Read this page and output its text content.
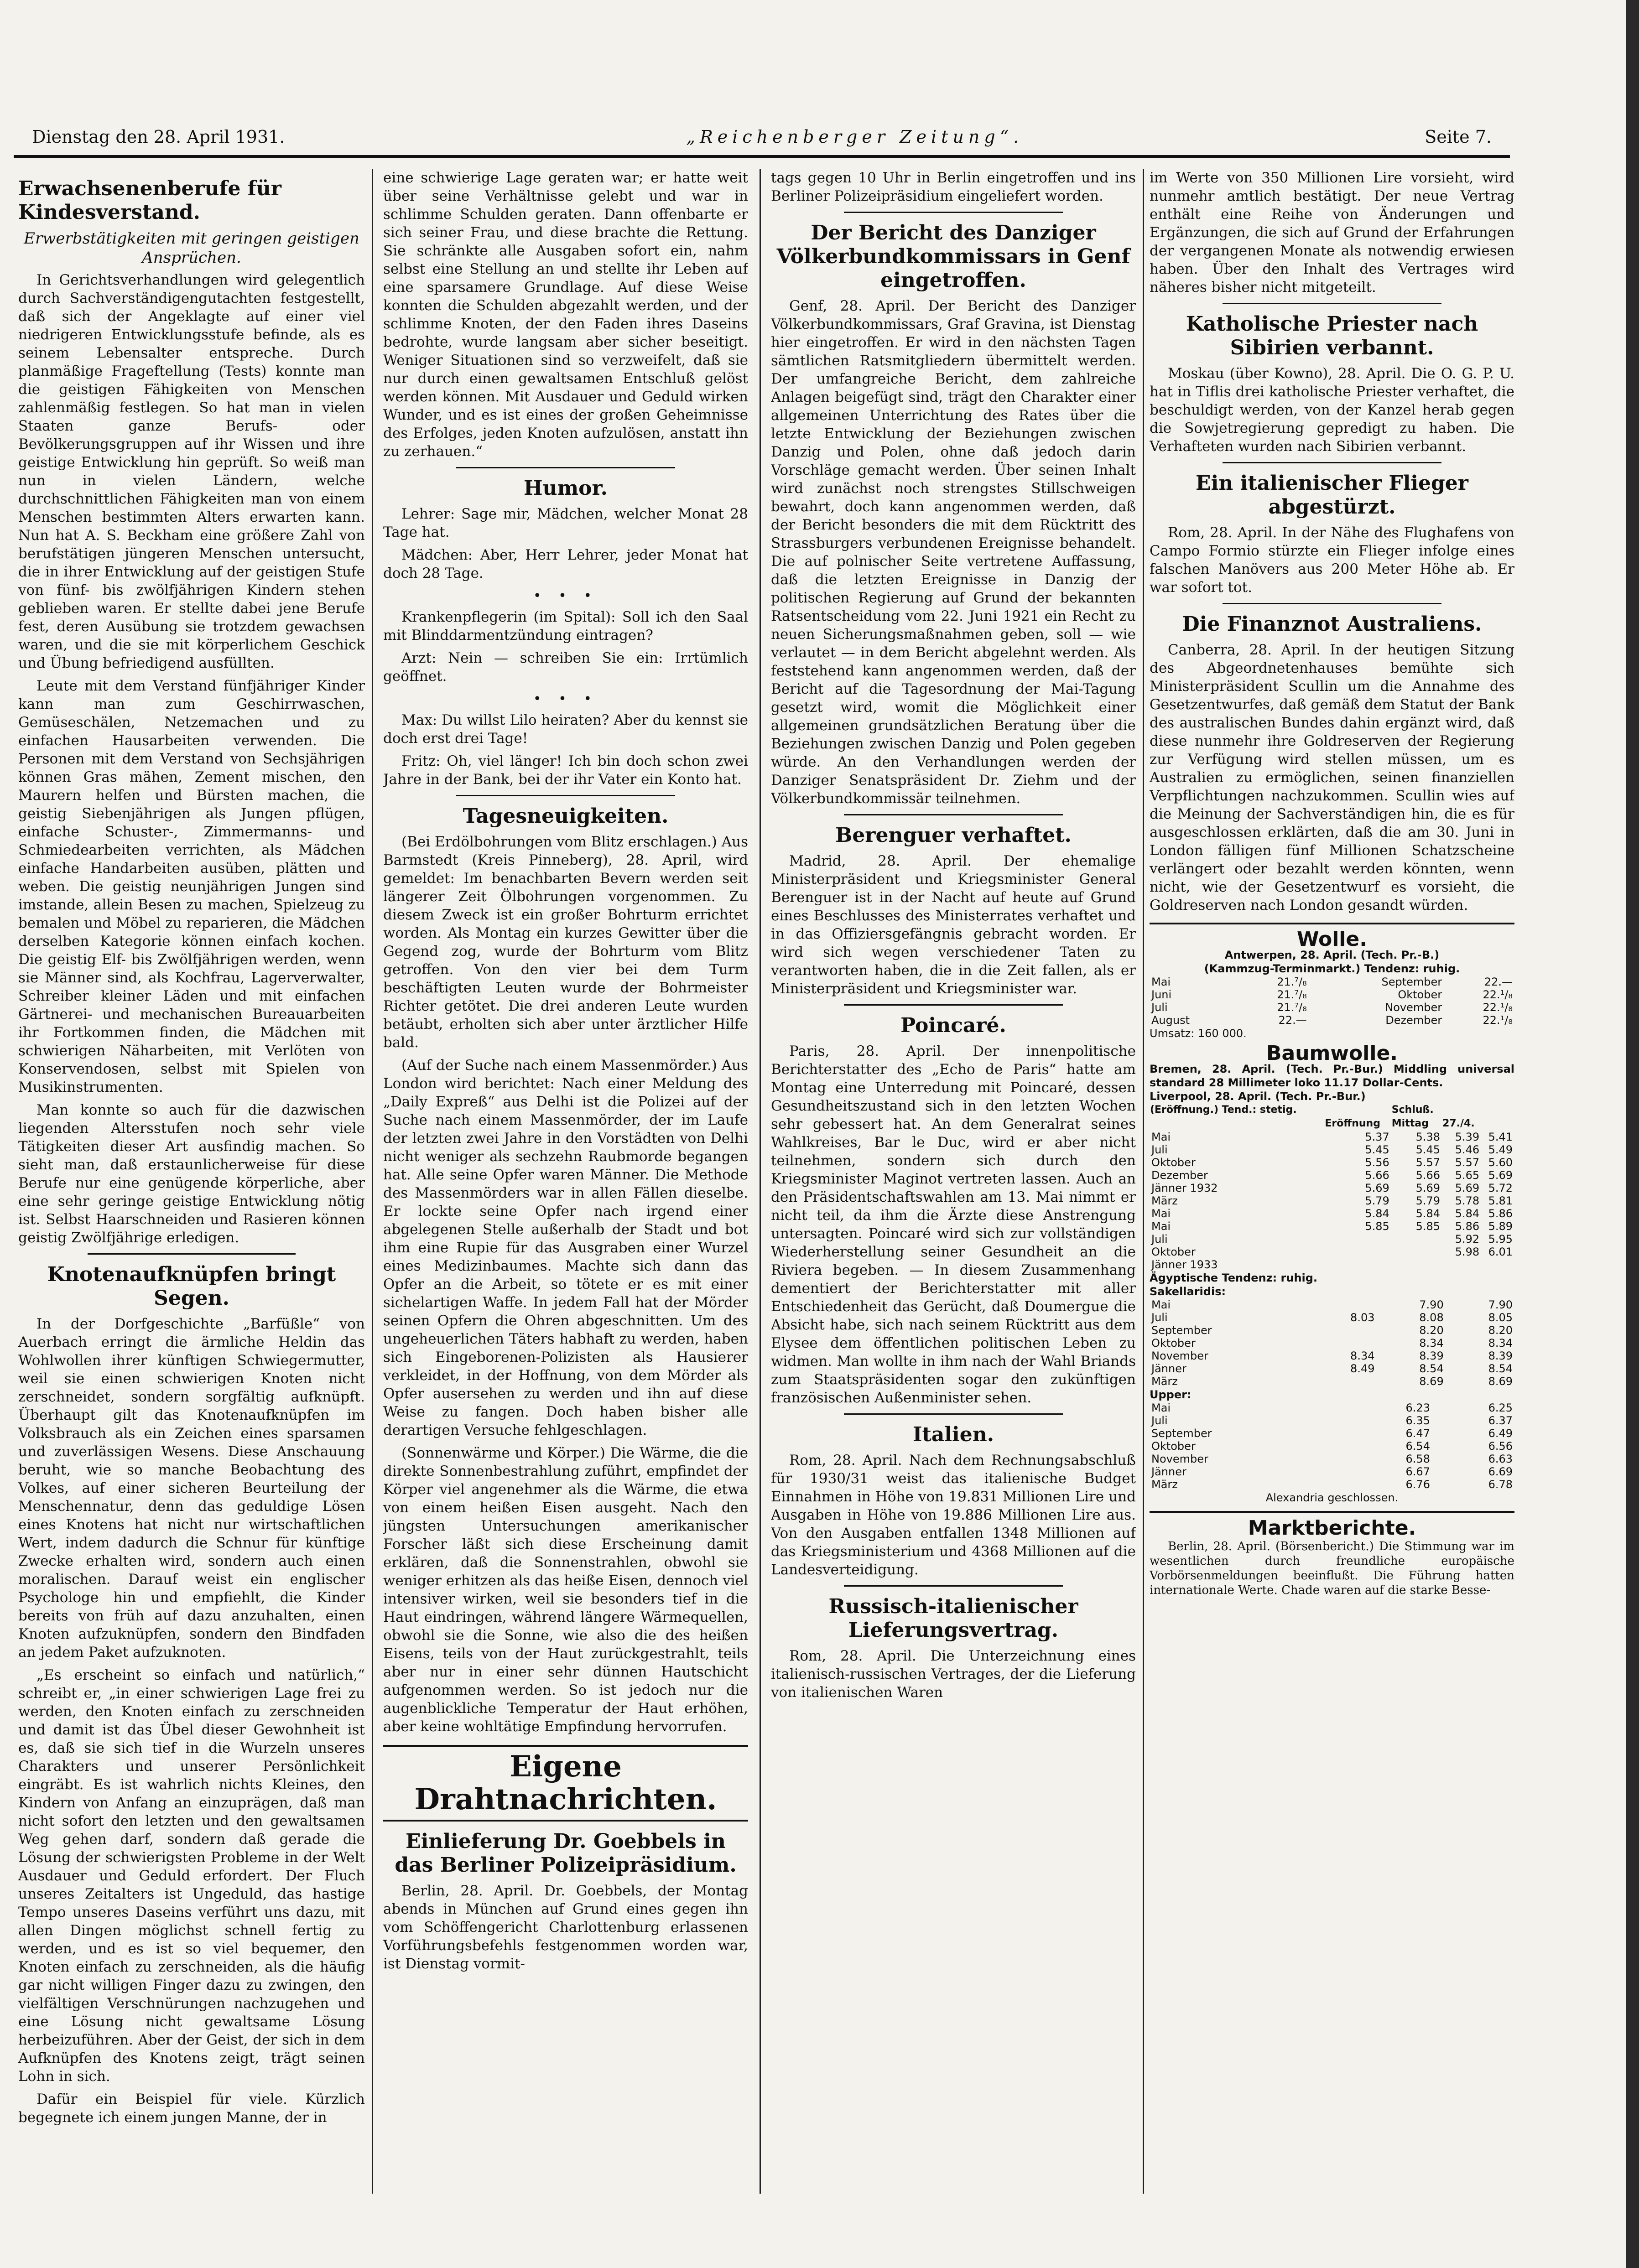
Dienstag den 28. April 1931.	„Reichenberger Zeitung“.	Seite 7.
Erwachsenenberufe für Kindesverstand.
Erwerbstätigkeiten mit geringen geistigen Ansprüchen.

In Gerichtsverhandlungen wird gelegentlich durch Sachverständigengutachten festgestellt, daß sich der Angeklagte auf einer viel niedrigeren Entwicklungsstufe befinde, als es seinem Lebensalter entspreche. Durch planmäßige Frageftellung (Tests) konnte man die geistigen Fähigkeiten von Menschen zahlenmäßig festlegen. So hat man in vielen Staaten ganze Berufs- oder Bevölkerungsgruppen auf ihr Wissen und ihre geistige Entwicklung hin geprüft. So weiß man nun in vielen Ländern, welche durchschnittlichen Fähigkeiten man von einem Menschen bestimmten Alters erwarten kann. Nun hat A. S. Beckham eine größere Zahl von berufstätigen jüngeren Menschen untersucht, die in ihrer Entwicklung auf der geistigen Stufe von fünf- bis zwölfjährigen Kindern stehen geblieben waren. Er stellte dabei jene Berufe fest, deren Ausübung sie trotzdem gewachsen waren, und die sie mit körperlichem Geschick und Übung befriedigend ausfüllten.

Leute mit dem Verstand fünfjähriger Kinder kann man zum Geschirrwaschen, Gemüseschälen, Netzemachen und zu einfachen Hausarbeiten verwenden. Die Personen mit dem Verstand von Sechsjährigen können Gras mähen, Zement mischen, den Maurern helfen und Bürsten machen, die geistig Siebenjährigen als Jungen pflügen, einfache Schuster-, Zimmermanns- und Schmiedearbeiten verrichten, als Mädchen einfache Handarbeiten ausüben, plätten und weben. Die geistig neunjährigen Jungen sind imstande, allein Besen zu machen, Spielzeug zu bemalen und Möbel zu reparieren, die Mädchen derselben Kategorie können einfach kochen. Die geistig Elf- bis Zwölfjährigen werden, wenn sie Männer sind, als Kochfrau, Lagerverwalter, Schreiber kleiner Läden und mit einfachen Gärtnerei- und mechanischen Bureauarbeiten ihr Fortkommen finden, die Mädchen mit schwierigen Näharbeiten, mit Verlöten von Konservendosen, selbst mit Spielen von Musikinstrumenten.

Man konnte so auch für die dazwischen liegenden Altersstufen noch sehr viele Tätigkeiten dieser Art ausfindig machen. So sieht man, daß erstaunlicherweise für diese Berufe nur eine genügende körperliche, aber eine sehr geringe geistige Entwicklung nötig ist. Selbst Haarschneiden und Rasieren können geistig Zwölfjährige erledigen.

Knotenaufknüpfen bringt Segen.

In der Dorfgeschichte „Barfüßle“ von Auerbach erringt die ärmliche Heldin das Wohlwollen ihrer künftigen Schwiegermutter, weil sie einen schwierigen Knoten nicht zerschneidet, sondern sorgfältig aufknüpft. Überhaupt gilt das Knotenaufknüpfen im Volksbrauch als ein Zeichen eines sparsamen und zuverlässigen Wesens. Diese Anschauung beruht, wie so manche Beobachtung des Volkes, auf einer sicheren Beurteilung der Menschennatur, denn das geduldige Lösen eines Knotens hat nicht nur wirtschaftlichen Wert, indem dadurch die Schnur für künftige Zwecke erhalten wird, sondern auch einen moralischen. Darauf weist ein englischer Psychologe hin und empfiehlt, die Kinder bereits von früh auf dazu anzuhalten, einen Knoten aufzuknüpfen, sondern den Bindfaden an jedem Paket aufzuknoten.

„Es erscheint so einfach und natürlich,“ schreibt er, „in einer schwierigen Lage frei zu werden, den Knoten einfach zu zerschneiden und damit ist das Übel dieser Gewohnheit ist es, daß sie sich tief in die Wurzeln unseres Charakters und unserer Persönlichkeit eingräbt. Es ist wahrlich nichts Kleines, den Kindern von Anfang an einzuprägen, daß man nicht sofort den letzten und den gewaltsamen Weg gehen darf, sondern daß gerade die Lösung der schwierigsten Probleme in der Welt Ausdauer und Geduld erfordert. Der Fluch unseres Zeitalters ist Ungeduld, das hastige Tempo unseres Daseins verführt uns dazu, mit allen Dingen möglichst schnell fertig zu werden, und es ist so viel bequemer, den Knoten einfach zu zerschneiden, als die häufig gar nicht willigen Finger dazu zu zwingen, den vielfältigen Verschnürungen nachzugehen und eine Lösung nicht gewaltsame Lösung herbeizuführen. Aber der Geist, der sich in dem Aufknüpfen des Knotens zeigt, trägt seinen Lohn in sich.

Dafür ein Beispiel für viele. Kürzlich begegnete ich einem jungen Manne, der in

eine schwierige Lage geraten war; er hatte weit über seine Verhältnisse gelebt und war in schlimme Schulden geraten. Dann offenbarte er sich seiner Frau, und diese brachte die Rettung. Sie schränkte alle Ausgaben sofort ein, nahm selbst eine Stellung an und stellte ihr Leben auf eine sparsamere Grundlage. Auf diese Weise konnten die Schulden abgezahlt werden, und der schlimme Knoten, der den Faden ihres Daseins bedrohte, wurde langsam aber sicher beseitigt. Weniger Situationen sind so verzweifelt, daß sie nur durch einen gewaltsamen Entschluß gelöst werden können. Mit Ausdauer und Geduld wirken Wunder, und es ist eines der großen Geheimnisse des Erfolges, jeden Knoten aufzulösen, anstatt ihn zu zerhauen.“

Humor.

Lehrer: Sage mir, Mädchen, welcher Monat 28 Tage hat.

Mädchen: Aber, Herr Lehrer, jeder Monat hat doch 28 Tage.

• • •

Krankenpflegerin (im Spital): Soll ich den Saal mit Blinddarmentzündung eintragen?

Arzt: Nein — schreiben Sie ein: Irrtümlich geöffnet.

• • •

Max: Du willst Lilo heiraten? Aber du kennst sie doch erst drei Tage!

Fritz: Oh, viel länger! Ich bin doch schon zwei Jahre in der Bank, bei der ihr Vater ein Konto hat.

Tagesneuigkeiten.

(Bei Erdölbohrungen vom Blitz erschlagen.) Aus Barmstedt (Kreis Pinneberg), 28. April, wird gemeldet: Im benachbarten Bevern werden seit längerer Zeit Ölbohrungen vorgenommen. Zu diesem Zweck ist ein großer Bohrturm errichtet worden. Als Montag ein kurzes Gewitter über die Gegend zog, wurde der Bohrturm vom Blitz getroffen. Von den vier bei dem Turm beschäftigten Leuten wurde der Bohrmeister Richter getötet. Die drei anderen Leute wurden betäubt, erholten sich aber unter ärztlicher Hilfe bald.

(Auf der Suche nach einem Massenmörder.) Aus London wird berichtet: Nach einer Meldung des „Daily Expreß“ aus Delhi ist die Polizei auf der Suche nach einem Massenmörder, der im Laufe der letzten zwei Jahre in den Vorstädten von Delhi nicht weniger als sechzehn Raubmorde begangen hat. Alle seine Opfer waren Männer. Die Methode des Massenmörders war in allen Fällen dieselbe. Er lockte seine Opfer nach irgend einer abgelegenen Stelle außerhalb der Stadt und bot ihm eine Rupie für das Ausgraben einer Wurzel eines Medizinbaumes. Machte sich dann das Opfer an die Arbeit, so tötete er es mit einer sichelartigen Waffe. In jedem Fall hat der Mörder seinen Opfern die Ohren abgeschnitten. Um des ungeheuerlichen Täters habhaft zu werden, haben sich Eingeborenen-Polizisten als Hausierer verkleidet, in der Hoffnung, von dem Mörder als Opfer ausersehen zu werden und ihn auf diese Weise zu fangen. Doch haben bisher alle derartigen Versuche fehlgeschlagen.

(Sonnenwärme und Körper.) Die Wärme, die die direkte Sonnenbestrahlung zuführt, empfindet der Körper viel angenehmer als die Wärme, die etwa von einem heißen Eisen ausgeht. Nach den jüngsten Untersuchungen amerikanischer Forscher läßt sich diese Erscheinung damit erklären, daß die Sonnenstrahlen, obwohl sie weniger erhitzen als das heiße Eisen, dennoch viel intensiver wirken, weil sie besonders tief in die Haut eindringen, während längere Wärmequellen, obwohl sie die Sonne, wie also die des heißen Eisens, teils von der Haut zurückgestrahlt, teils aber nur in einer sehr dünnen Hautschicht aufgenommen werden. So ist jedoch nur die augenblickliche Temperatur der Haut erhöhen, aber keine wohltätige Empfindung hervorrufen.

Eigene Drahtnachrichten.
Einlieferung Dr. Goebbels in das Berliner Polizeipräsidium.

Berlin, 28. April. Dr. Goebbels, der Montag abends in München auf Grund eines gegen ihn vom Schöffengericht Charlottenburg erlassenen Vorführungsbefehls festgenommen worden war, ist Dienstag vormit-

tags gegen 10 Uhr in Berlin eingetroffen und ins Berliner Polizeipräsidium eingeliefert worden.

Der Bericht des Danziger Völkerbundkommissars in Genf eingetroffen.

Genf, 28. April. Der Bericht des Danziger Völkerbundkommissars, Graf Gravina, ist Dienstag hier eingetroffen. Er wird in den nächsten Tagen sämtlichen Ratsmitgliedern übermittelt werden. Der umfangreiche Bericht, dem zahlreiche Anlagen beigefügt sind, trägt den Charakter einer allgemeinen Unterrichtung des Rates über die letzte Entwicklung der Beziehungen zwischen Danzig und Polen, ohne daß jedoch darin Vorschläge gemacht werden. Über seinen Inhalt wird zunächst noch strengstes Stillschweigen bewahrt, doch kann angenommen werden, daß der Bericht besonders die mit dem Rücktritt des Strassburgers verbundenen Ereignisse behandelt. Die auf polnischer Seite vertretene Auffassung, daß die letzten Ereignisse in Danzig der politischen Regierung auf Grund der bekannten Ratsentscheidung vom 22. Juni 1921 ein Recht zu neuen Sicherungsmaßnahmen geben, soll — wie verlautet — in dem Bericht abgelehnt werden. Als feststehend kann angenommen werden, daß der Bericht auf die Tagesordnung der Mai-Tagung gesetzt wird, womit die Möglichkeit einer allgemeinen grundsätzlichen Beratung über die Beziehungen zwischen Danzig und Polen gegeben würde. An den Verhandlungen werden der Danziger Senatspräsident Dr. Ziehm und der Völkerbundkommissär teilnehmen.

Berenguer verhaftet.

Madrid, 28. April. Der ehemalige Ministerpräsident und Kriegsminister General Berenguer ist in der Nacht auf heute auf Grund eines Beschlusses des Ministerrates verhaftet und in das Offiziersgefängnis gebracht worden. Er wird sich wegen verschiedener Taten zu verantworten haben, die in die Zeit fallen, als er Ministerpräsident und Kriegsminister war.

Poincaré.

Paris, 28. April. Der innenpolitische Berichterstatter des „Echo de Paris“ hatte am Montag eine Unterredung mit Poincaré, dessen Gesundheitszustand sich in den letzten Wochen sehr gebessert hat. An dem Generalrat seines Wahlkreises, Bar le Duc, wird er aber nicht teilnehmen, sondern sich durch den Kriegsminister Maginot vertreten lassen. Auch an den Präsidentschaftswahlen am 13. Mai nimmt er nicht teil, da ihm die Ärzte diese Anstrengung untersagten. Poincaré wird sich zur vollständigen Wiederherstellung seiner Gesundheit an die Riviera begeben. — In diesem Zusammenhang dementiert der Berichterstatter mit aller Entschiedenheit das Gerücht, daß Doumergue die Absicht habe, sich nach seinem Rücktritt aus dem Elysee dem öffentlichen politischen Leben zu widmen. Man wollte in ihm nach der Wahl Briands zum Staatspräsidenten sogar den zukünftigen französischen Außenminister sehen.

Italien.

Rom, 28. April. Nach dem Rechnungsabschluß für 1930/31 weist das italienische Budget Einnahmen in Höhe von 19.831 Millionen Lire und Ausgaben in Höhe von 19.886 Millionen Lire aus. Von den Ausgaben entfallen 1348 Millionen auf das Kriegsministerium und 4368 Millionen auf die Landesverteidigung.

Russisch-italienischer Lieferungsvertrag.

Rom, 28. April. Die Unterzeichnung eines italienisch-russischen Vertrages, der die Lieferung von italienischen Waren

im Werte von 350 Millionen Lire vorsieht, wird nunmehr amtlich bestätigt. Der neue Vertrag enthält eine Reihe von Änderungen und Ergänzungen, die sich auf Grund der Erfahrungen der vergangenen Monate als notwendig erwiesen haben. Über den Inhalt des Vertrages wird näheres bisher nicht mitgeteilt.

Katholische Priester nach Sibirien verbannt.

Moskau (über Kowno), 28. April. Die O. G. P. U. hat in Tiflis drei katholische Priester verhaftet, die beschuldigt werden, von der Kanzel herab gegen die Sowjetregierung gepredigt zu haben. Die Verhafteten wurden nach Sibirien verbannt.

Ein italienischer Flieger abgestürzt.

Rom, 28. April. In der Nähe des Flughafens von Campo Formio stürzte ein Flieger infolge eines falschen Manövers aus 200 Meter Höhe ab. Er war sofort tot.

Die Finanznot Australiens.

Canberra, 28. April. In der heutigen Sitzung des Abgeordnetenhauses bemühte sich Ministerpräsident Scullin um die Annahme des Gesetzentwurfes, daß gemäß dem Statut der Bank des australischen Bundes dahin ergänzt wird, daß diese nunmehr ihre Goldreserven der Regierung zur Verfügung wird stellen müssen, um es Australien zu ermöglichen, seinen finanziellen Verpflichtungen nachzukommen. Scullin wies auf die Meinung der Sachverständigen hin, die es für ausgeschlossen erklärten, daß die am 30. Juni in London fälligen fünf Millionen Schatzscheine verlängert oder bezahlt werden könnten, wenn nicht, wie der Gesetzentwurf es vorsieht, die Goldreserven nach London gesandt würden.

Wolle.
Antwerpen, 28. April. (Tech. Pr.-B.)
(Kammzug-Terminmarkt.) Tendenz: ruhig.
Mai	21.⁷/₈	September	22.—
Juni	21.⁷/₈	Oktober	22.¹/₈
Juli	21.⁷/₈	November	22.¹/₈
August	22.—	Dezember	22.¹/₈
Umsatz: 160 000.
Baumwolle.
Bremen, 28. April. (Tech. Pr.-Bur.) Middling universal standard 28 Millimeter loko 11.17 Dollar-Cents.
Liverpool, 28. April. (Tech. Pr.-Bur.)
(Eröffnung.) Tend.: stetig.		Schluß.		
	Eröffnung	Mittag	27./4.	
Mai	5.37	5.38	5.39	5.41
Juli	5.45	5.45	5.46	5.49
Oktober	5.56	5.57	5.57	5.60
Dezember	5.66	5.66	5.65	5.69
Jänner 1932	5.69	5.69	5.69	5.72
März	5.79	5.79	5.78	5.81
Mai	5.84	5.84	5.84	5.86
Mai	5.85	5.85	5.86	5.89
Juli			5.92	5.95
Oktober			5.98	6.01
Jänner 1933				
Ägyptische Tendenz: ruhig.
Sakellaridis:
Mai		7.90	7.90
Juli	8.03	8.08	8.05
September		8.20	8.20
Oktober		8.34	8.34
November	8.34	8.39	8.39
Jänner	8.49	8.54	8.54
März		8.69	8.69
Upper:
Mai		6.23	6.25
Juli		6.35	6.37
September		6.47	6.49
Oktober		6.54	6.56
November		6.58	6.63
Jänner		6.67	6.69
März		6.76	6.78
Alexandria geschlossen.
Marktberichte.

Berlin, 28. April. (Börsenbericht.) Die Stimmung war im wesentlichen durch freundliche europäische Vorbörsenmeldungen beeinflußt. Die Führung hatten internationale Werte. Chade waren auf die starke Besse-
